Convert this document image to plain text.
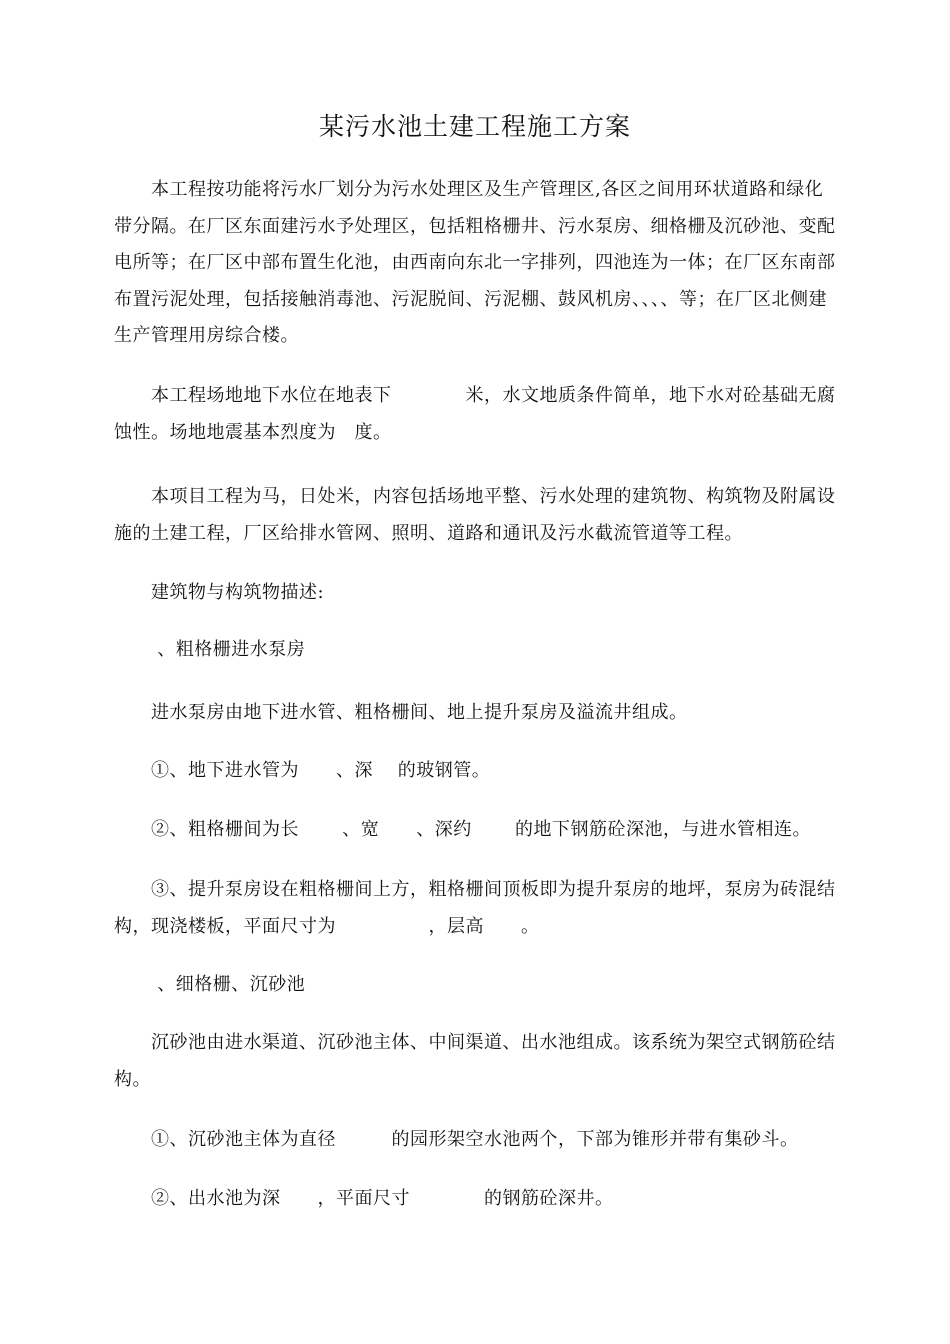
某污水池土建工程施工方案

本工程按功能将污水厂划分为污水处理区及生产管理区,各区之间用环状道路和绿化带分隔。在厂区东面建污水予处理区，包括粗格栅井、污水泵房、细格栅及沉砂池、变配电所等；在厂区中部布置生化池，由西南向东北一字排列，四池连为一体；在厂区东南部布置污泥处理，包括接触消毒池、污泥脱间、污泥棚、鼓风机房、、、、等；在厂区北侧建生产管理用房综合楼。

本工程场地地下水位在地表下　　　　米，水文地质条件简单，地下水对砼基础无腐蚀性。场地地震基本烈度为　度。

本项目工程为马，日处米，内容包括场地平整、污水处理的建筑物、构筑物及附属设施的土建工程，厂区给排水管网、照明、道路和通讯及污水截流管道等工程。

建筑物与构筑物描述:

、粗格栅进水泵房

进水泵房由地下进水管、粗格栅间、地上提升泵房及溢流井组成。

①、地下进水管为　　、深　 的玻钢管。

②、粗格栅间为长　　 、宽　　、深约　　 的地下钢筋砼深池，与进水管相连。

③、提升泵房设在粗格栅间上方，粗格栅间顶板即为提升泵房的地坪，泵房为砖混结构，现浇楼板，平面尺寸为　　　　　，层高　　。

、细格栅、沉砂池

沉砂池由进水渠道、沉砂池主体、中间渠道、出水池组成。该系统为架空式钢筋砼结构。

①、沉砂池主体为直径　　　的园形架空水池两个，下部为锥形并带有集砂斗。

②、出水池为深　　，平面尺寸　　　　的钢筋砼深井。
